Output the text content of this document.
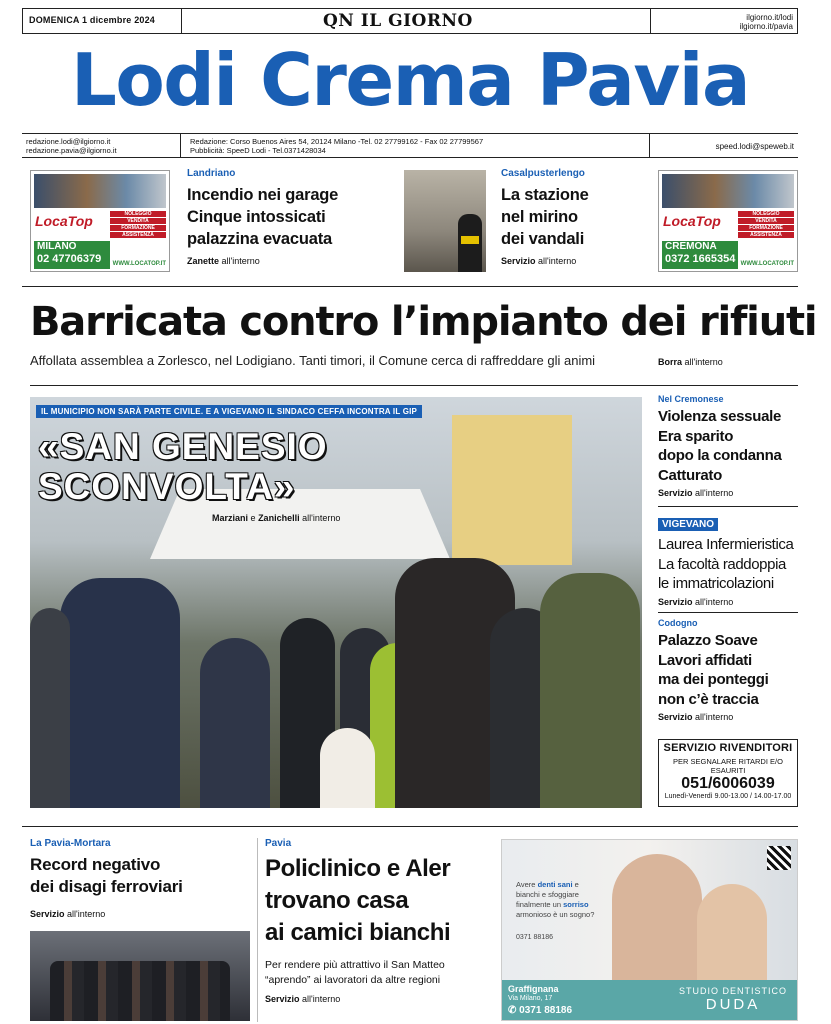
DOMENICA 1 dicembre 2024	QN IL GIORNO	ilgiorno.it/lodi
ilgiorno.it/pavia
Lodi Crema Pavia
redazione.lodi@ilgiorno.it
redazione.pavia@ilgiorno.it
Redazione: Corso Buenos Aires 54, 20124 Milano -Tel. 02 27799162 - Fax 02 27799567
Pubblicità: SpeeD Lodi - Tel.0371428034	speed.lodi@speweb.it
LocaTop	NOLEGGIO
VENDITA
FORMAZIONE
ASSISTENZA
MILANO
02 47706379	WWW.LOCATOP.IT
Landriano
Incendio nei garage
Cinque intossicati
palazzina evacuata
Zanette all'interno
Casalpusterlengo
La stazione
nel mirino
dei vandali
Servizio all'interno
LocaTop	NOLEGGIO
VENDITA
FORMAZIONE
ASSISTENZA
CREMONA
0372 1665354 WWW.LOCATOP.IT
Barricata contro l’impianto dei rifiuti
Affollata assemblea a Zorlesco, nel Lodigiano. Tanti timori, il Comune cerca di raffreddare gli animi	Borra all'interno
IL MUNICIPIO NON SARÀ PARTE CIVILE. E A VIGEVANO IL SINDACO CEFFA INCONTRA IL GIP
«SAN GENESIO
SCONVOLTA»
Marziani e Zanichelli all'interno
Nel Cremonese
Violenza sessuale
Era sparito
dopo la condanna
Catturato
Servizio all'interno
VIGEVANO
Laurea Infermieristica
La facoltà raddoppia
le immatricolazioni
Servizio all'interno
Codogno
Palazzo Soave
Lavori affidati
ma dei ponteggi
non c’è traccia
Servizio all'interno
SERVIZIO RIVENDITORI
PER SEGNALARE RITARDI E/O ESAURITI
051/6006039
Lunedì-Venerdì 9.00-13.00 / 14.00-17.00
La Pavia-Mortara
Record negativo
dei disagi ferroviari
Servizio all'interno
Pavia
Policlinico e Aler
trovano casa
ai camici bianchi
Per rendere più attrattivo il San Matteo
“aprendo” ai lavoratori da altre regioni
Servizio all'interno
Avere denti sani e bianchi e sfoggiare finalmente un sorriso armonioso è un sogno?
0371 88186
Graffignana
Via Milano, 17
✆ 0371 88186
STUDIO DENTISTICO
DUDA
